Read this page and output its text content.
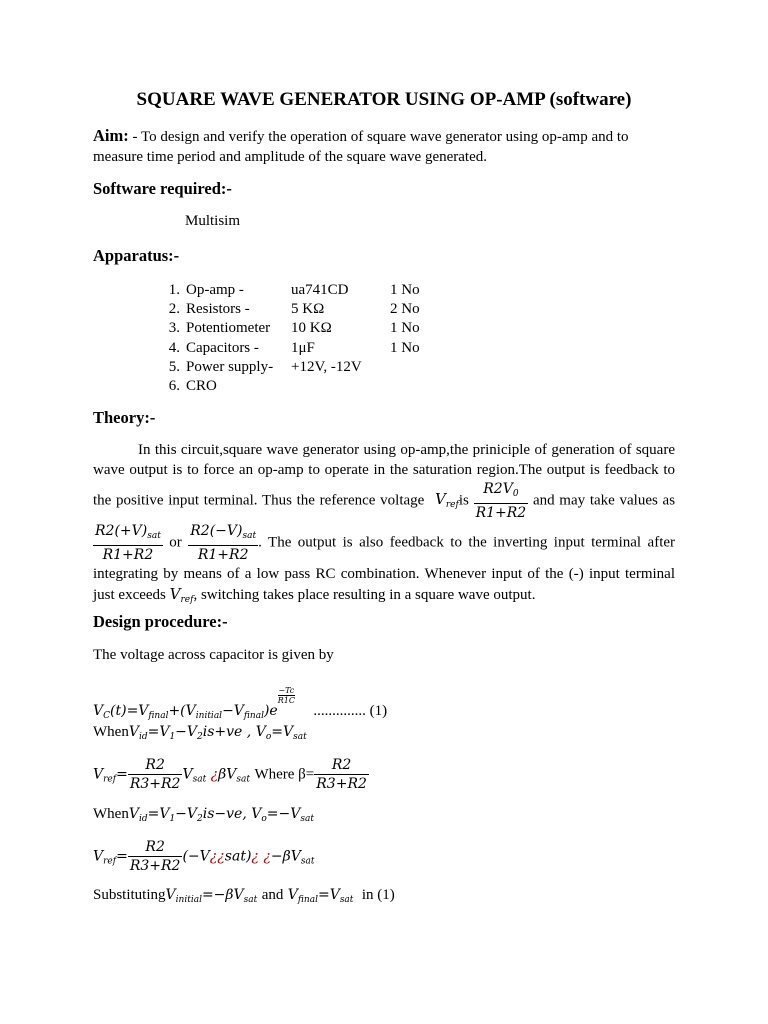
SQUARE WAVE GENERATOR USING OP-AMP (software)
Aim: - To design and verify the operation of square wave generator using op-amp and to measure time period and amplitude of the square wave generated.
Software required:-
Multisim
Apparatus:-
1. Op-amp -	ua741CD	1 No
2. Resistors -	5 KΩ	2 No
3. Potentiometer 10 KΩ	1 No
4. Capacitors - 1μF	1 No
5. Power supply- +12V, -12V
6. CRO
Theory:-
In this circuit,square wave generator using op-amp,the priniciple of generation of square wave output is to force an op-amp to operate in the saturation region.The output is feedback to the positive input terminal. Thus the reference voltage $V_{ref}is \frac{R2V_0}{R1+R2}$ and may take values as
$\frac{R2(+V)_{sat}}{R1+R2}$ or $\frac{R2(-V)_{sat}}{R1+R2}$ . The output is also feedback to the inverting input terminal after integrating by means of a low pass RC combination. Whenever input of the (-) input terminal just exceeds $V_{ref}$, switching takes place resulting in a square wave output.
Design procedure:-
The voltage across capacitor is given by
$V_C(t)=V_{final}+(V_{initial}-V_{final})e$
$\frac{-Tc}{R1C}$
.............. (1)
$WhenV_{id}=V_1-V_2is+ve$ , $V_o=V_{sat}$
$V_{ref}= \frac{R2}{R3+R2} V_{sat}$ ¿$\beta V_{sat}$ Where $\beta= \frac{R2}{R3+R2}$
$WhenV_{id}=V_1-V_2is-ve$, $V_o=-V_{sat}$
$V_{ref}= \frac{R2}{R3+R2}$ (−V¿¿sat)¿ ¿$-\beta V_{sat}$
$SubstitutingV_{initial}=-\beta V_{sat}$ and $V_{final}=V_{sat}$ in (1)
